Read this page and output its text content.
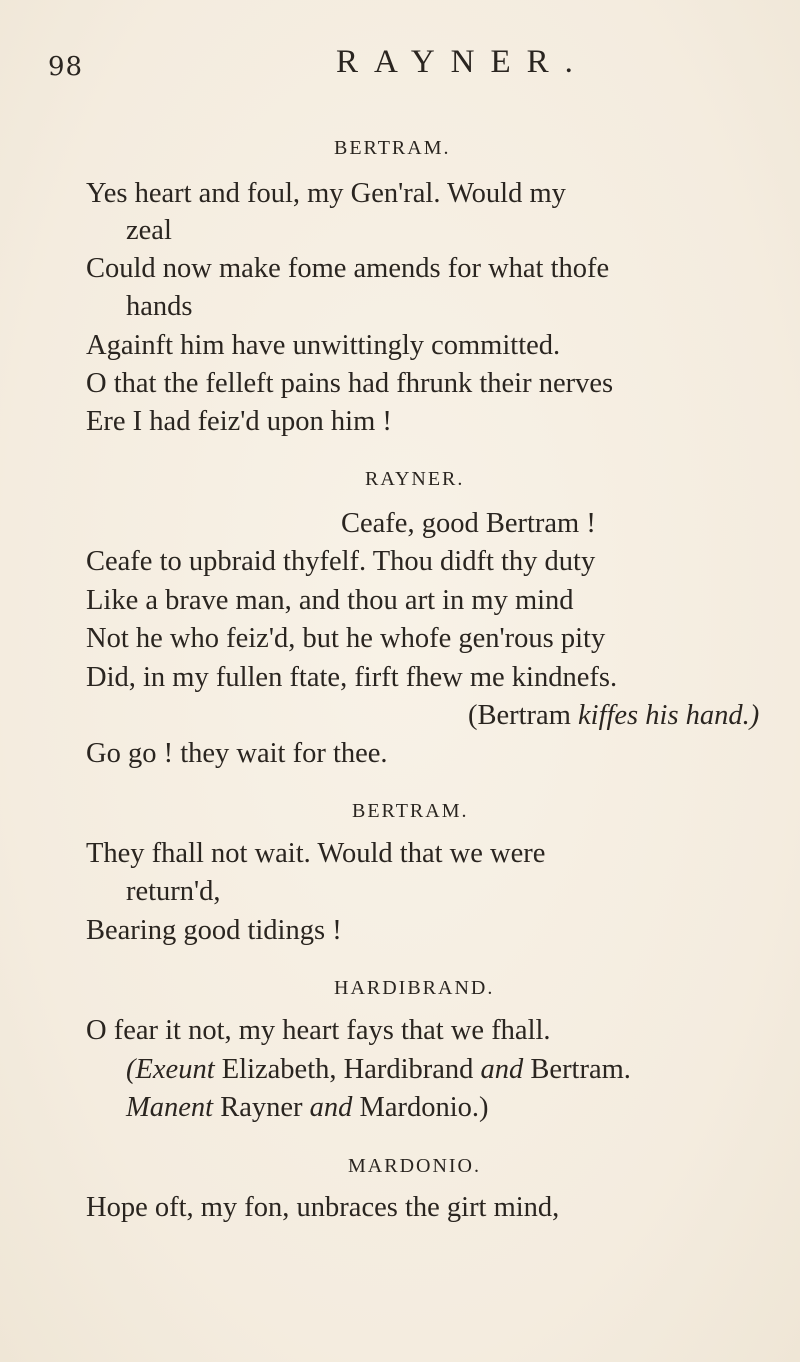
98	RAYNER.
BERTRAM.
Yes heart and foul, my Gen'ral. Would my
zeal
Could now make fome amends for what thofe
hands
Againft him have unwittingly committed.
O that the felleft pains had fhrunk their nerves
Ere I had feiz'd upon him !
RAYNER.
Ceafe, good Bertram !
Ceafe to upbraid thyfelf. Thou didft thy duty
Like a brave man, and thou art in my mind
Not he who feiz'd, but he whofe gen'rous pity
Did, in my fullen ftate, firft fhew me kindnefs.
(Bertram kiffes his hand.)
Go go ! they wait for thee.
BERTRAM.
They fhall not wait. Would that we were
return'd,
Bearing good tidings !
HARDIBRAND.
O fear it not, my heart fays that we fhall.
(Exeunt Elizabeth, Hardibrand and Bertram.
Manent Rayner and Mardonio.)
MARDONIO.
Hope oft, my fon, unbraces the girt mind,
